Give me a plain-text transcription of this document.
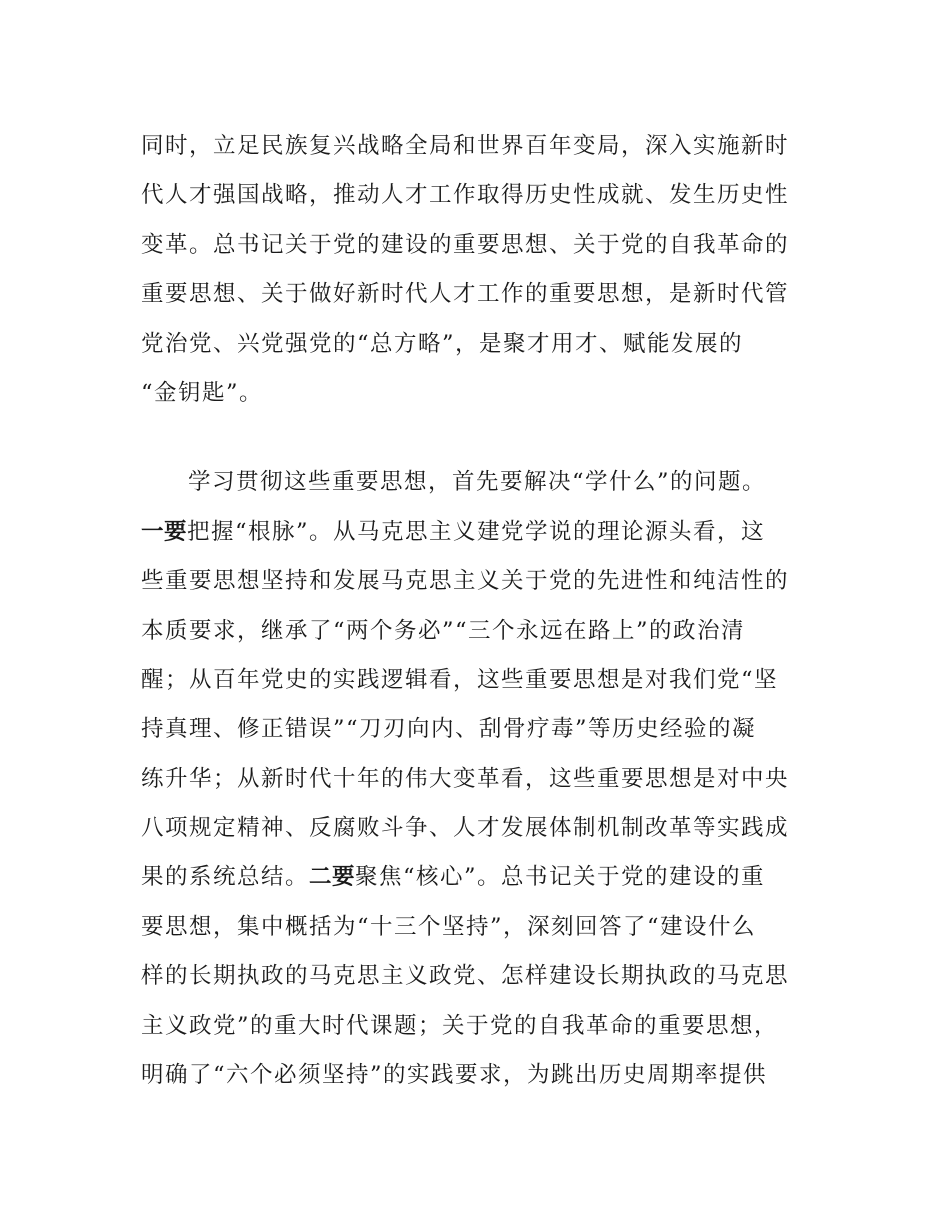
同时，立足民族复兴战略全局和世界百年变局，深入实施新时
代人才强国战略，推动人才工作取得历史性成就、发生历史性
变革。总书记关于党的建设的重要思想、关于党的自我革命的
重要思想、关于做好新时代人才工作的重要思想，是新时代管
党治党、兴党强党的“总方略”，是聚才用才、赋能发展的
“金钥匙”。
学习贯彻这些重要思想，首先要解决“学什么”的问题。
一要把握“根脉”。从马克思主义建党学说的理论源头看，这
些重要思想坚持和发展马克思主义关于党的先进性和纯洁性的
本质要求，继承了“两个务必”“三个永远在路上”的政治清
醒；从百年党史的实践逻辑看，这些重要思想是对我们党“坚
持真理、修正错误”“刀刃向内、刮骨疗毒”等历史经验的凝
练升华；从新时代十年的伟大变革看，这些重要思想是对中央
八项规定精神、反腐败斗争、人才发展体制机制改革等实践成
果的系统总结。二要聚焦“核心”。总书记关于党的建设的重
要思想，集中概括为“十三个坚持”，深刻回答了“建设什么
样的长期执政的马克思主义政党、怎样建设长期执政的马克思
主义政党”的重大时代课题；关于党的自我革命的重要思想，
明确了“六个必须坚持”的实践要求，为跳出历史周期率提供
